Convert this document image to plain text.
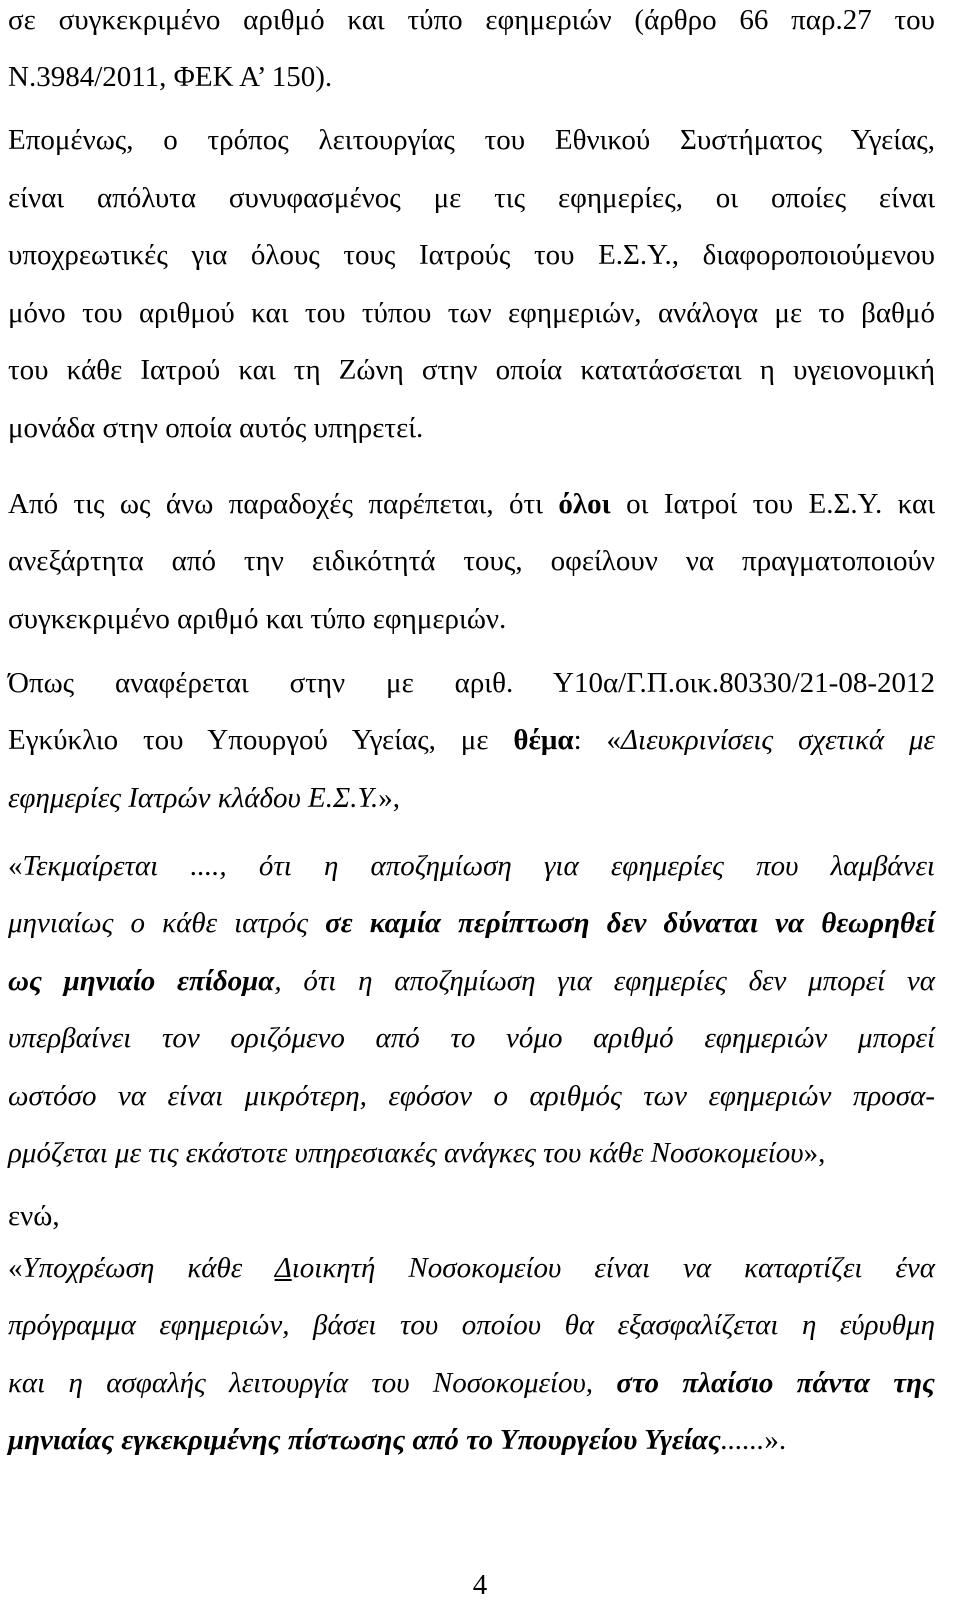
σε συγκεκριμένο αριθμό και τύπο εφημεριών (άρθρο 66 παρ.27 του
Ν.3984/2011, ΦΕΚ Α’ 150).
Επομένως, ο τρόπος λειτουργίας του Εθνικού Συστήματος Υγείας,
είναι απόλυτα συνυφασμένος με τις εφημερίες, οι οποίες είναι
υποχρεωτικές για όλους τους Ιατρούς του Ε.Σ.Υ., διαφοροποιούμενου
μόνο του αριθμού και του τύπου των εφημεριών, ανάλογα με το βαθμό
του κάθε Ιατρού και τη Ζώνη στην οποία κατατάσσεται η υγειονομική
μονάδα στην οποία αυτός υπηρετεί.
Από τις ως άνω παραδοχές παρέπεται, ότι όλοι οι Ιατροί του Ε.Σ.Υ. και
ανεξάρτητα από την ειδικότητά τους, οφείλουν να πραγματοποιούν
συγκεκριμένο αριθμό και τύπο εφημεριών.
Όπως αναφέρεται στην με αριθ. Υ10α/Γ.Π.οικ.80330/21-08-2012
Εγκύκλιο του Υπουργού Υγείας, με θέμα: «Διευκρινίσεις σχετικά με
εφημερίες Ιατρών κλάδου Ε.Σ.Υ.»,
«Τεκμαίρεται ...., ότι η αποζημίωση για εφημερίες που λαμβάνει
μηνιαίως ο κάθε ιατρός σε καμία περίπτωση δεν δύναται να θεωρηθεί
ως μηνιαίο επίδομα, ότι η αποζημίωση για εφημερίες δεν μπορεί να
υπερβαίνει τον οριζόμενο από το νόμο αριθμό εφημεριών μπορεί
ωστόσο να είναι μικρότερη, εφόσον ο αριθμός των εφημεριών προσα-
ρμόζεται με τις εκάστοτε υπηρεσιακές ανάγκες του κάθε Νοσοκομείου»,
ενώ,
«Υποχρέωση κάθε Διοικητή Νοσοκομείου είναι να καταρτίζει ένα
πρόγραμμα εφημεριών, βάσει του οποίου θα εξασφαλίζεται η εύρυθμη
και η ασφαλής λειτουργία του Νοσοκομείου, στο πλαίσιο πάντα της
μηνιαίας εγκεκριμένης πίστωσης από το Υπουργείου Υγείας......».
4
